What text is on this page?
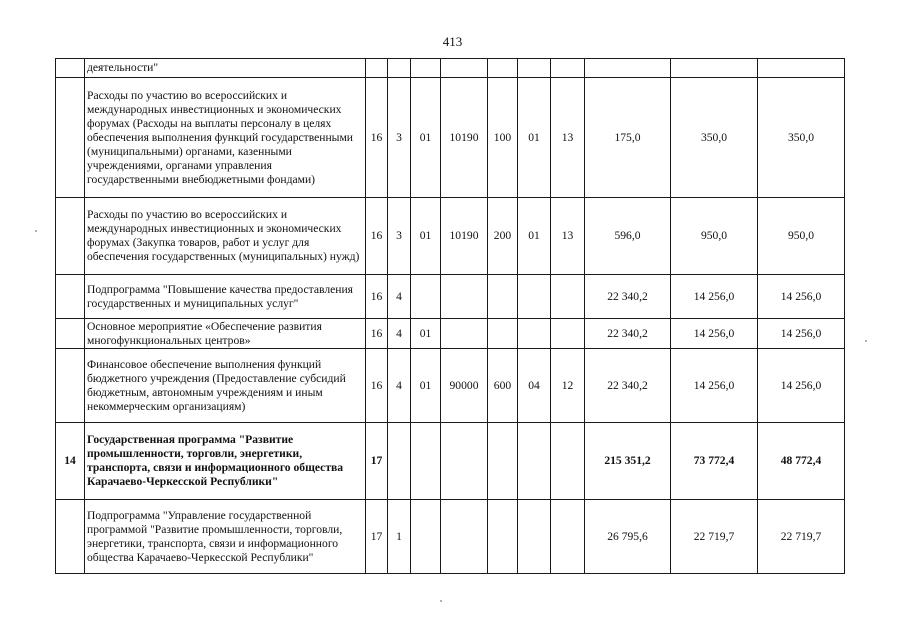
413
	деятельности"										
	Расходы по участию во всероссийских и международных инвестиционных и экономических форумах (Расходы на выплаты персоналу в целях обеспечения выполнения функций государственными (муниципальными) органами, казенными учреждениями, органами управления государственными внебюджетными фондами)	16	3	01	10190	100	01	13	175,0	350,0	350,0
	Расходы по участию во всероссийских и международных инвестиционных и экономических форумах (Закупка товаров, работ и услуг для обеспечения государственных (муниципальных) нужд)	16	3	01	10190	200	01	13	596,0	950,0	950,0
	Подпрограмма "Повышение качества предоставления государственных и муниципальных услуг"	16	4						22 340,2	14 256,0	14 256,0
	Основное мероприятие «Обеспечение развития многофункциональных центров»	16	4	01					22 340,2	14 256,0	14 256,0
	Финансовое обеспечение выполнения функций бюджетного учреждения (Предоставление субсидий бюджетным, автономным учреждениям и иным некоммерческим организациям)	16	4	01	90000	600	04	12	22 340,2	14 256,0	14 256,0
14	Государственная программа "Развитие промышленности, торговли, энергетики, транспорта, связи и информационного общества Карачаево-Черкесской Республики"	17							215 351,2	73 772,4	48 772,4
	Подпрограмма "Управление государственной программой "Развитие промышленности, торговли, энергетики, транспорта, связи и информационного общества Карачаево-Черкесской Республики"	17	1						26 795,6	22 719,7	22 719,7
